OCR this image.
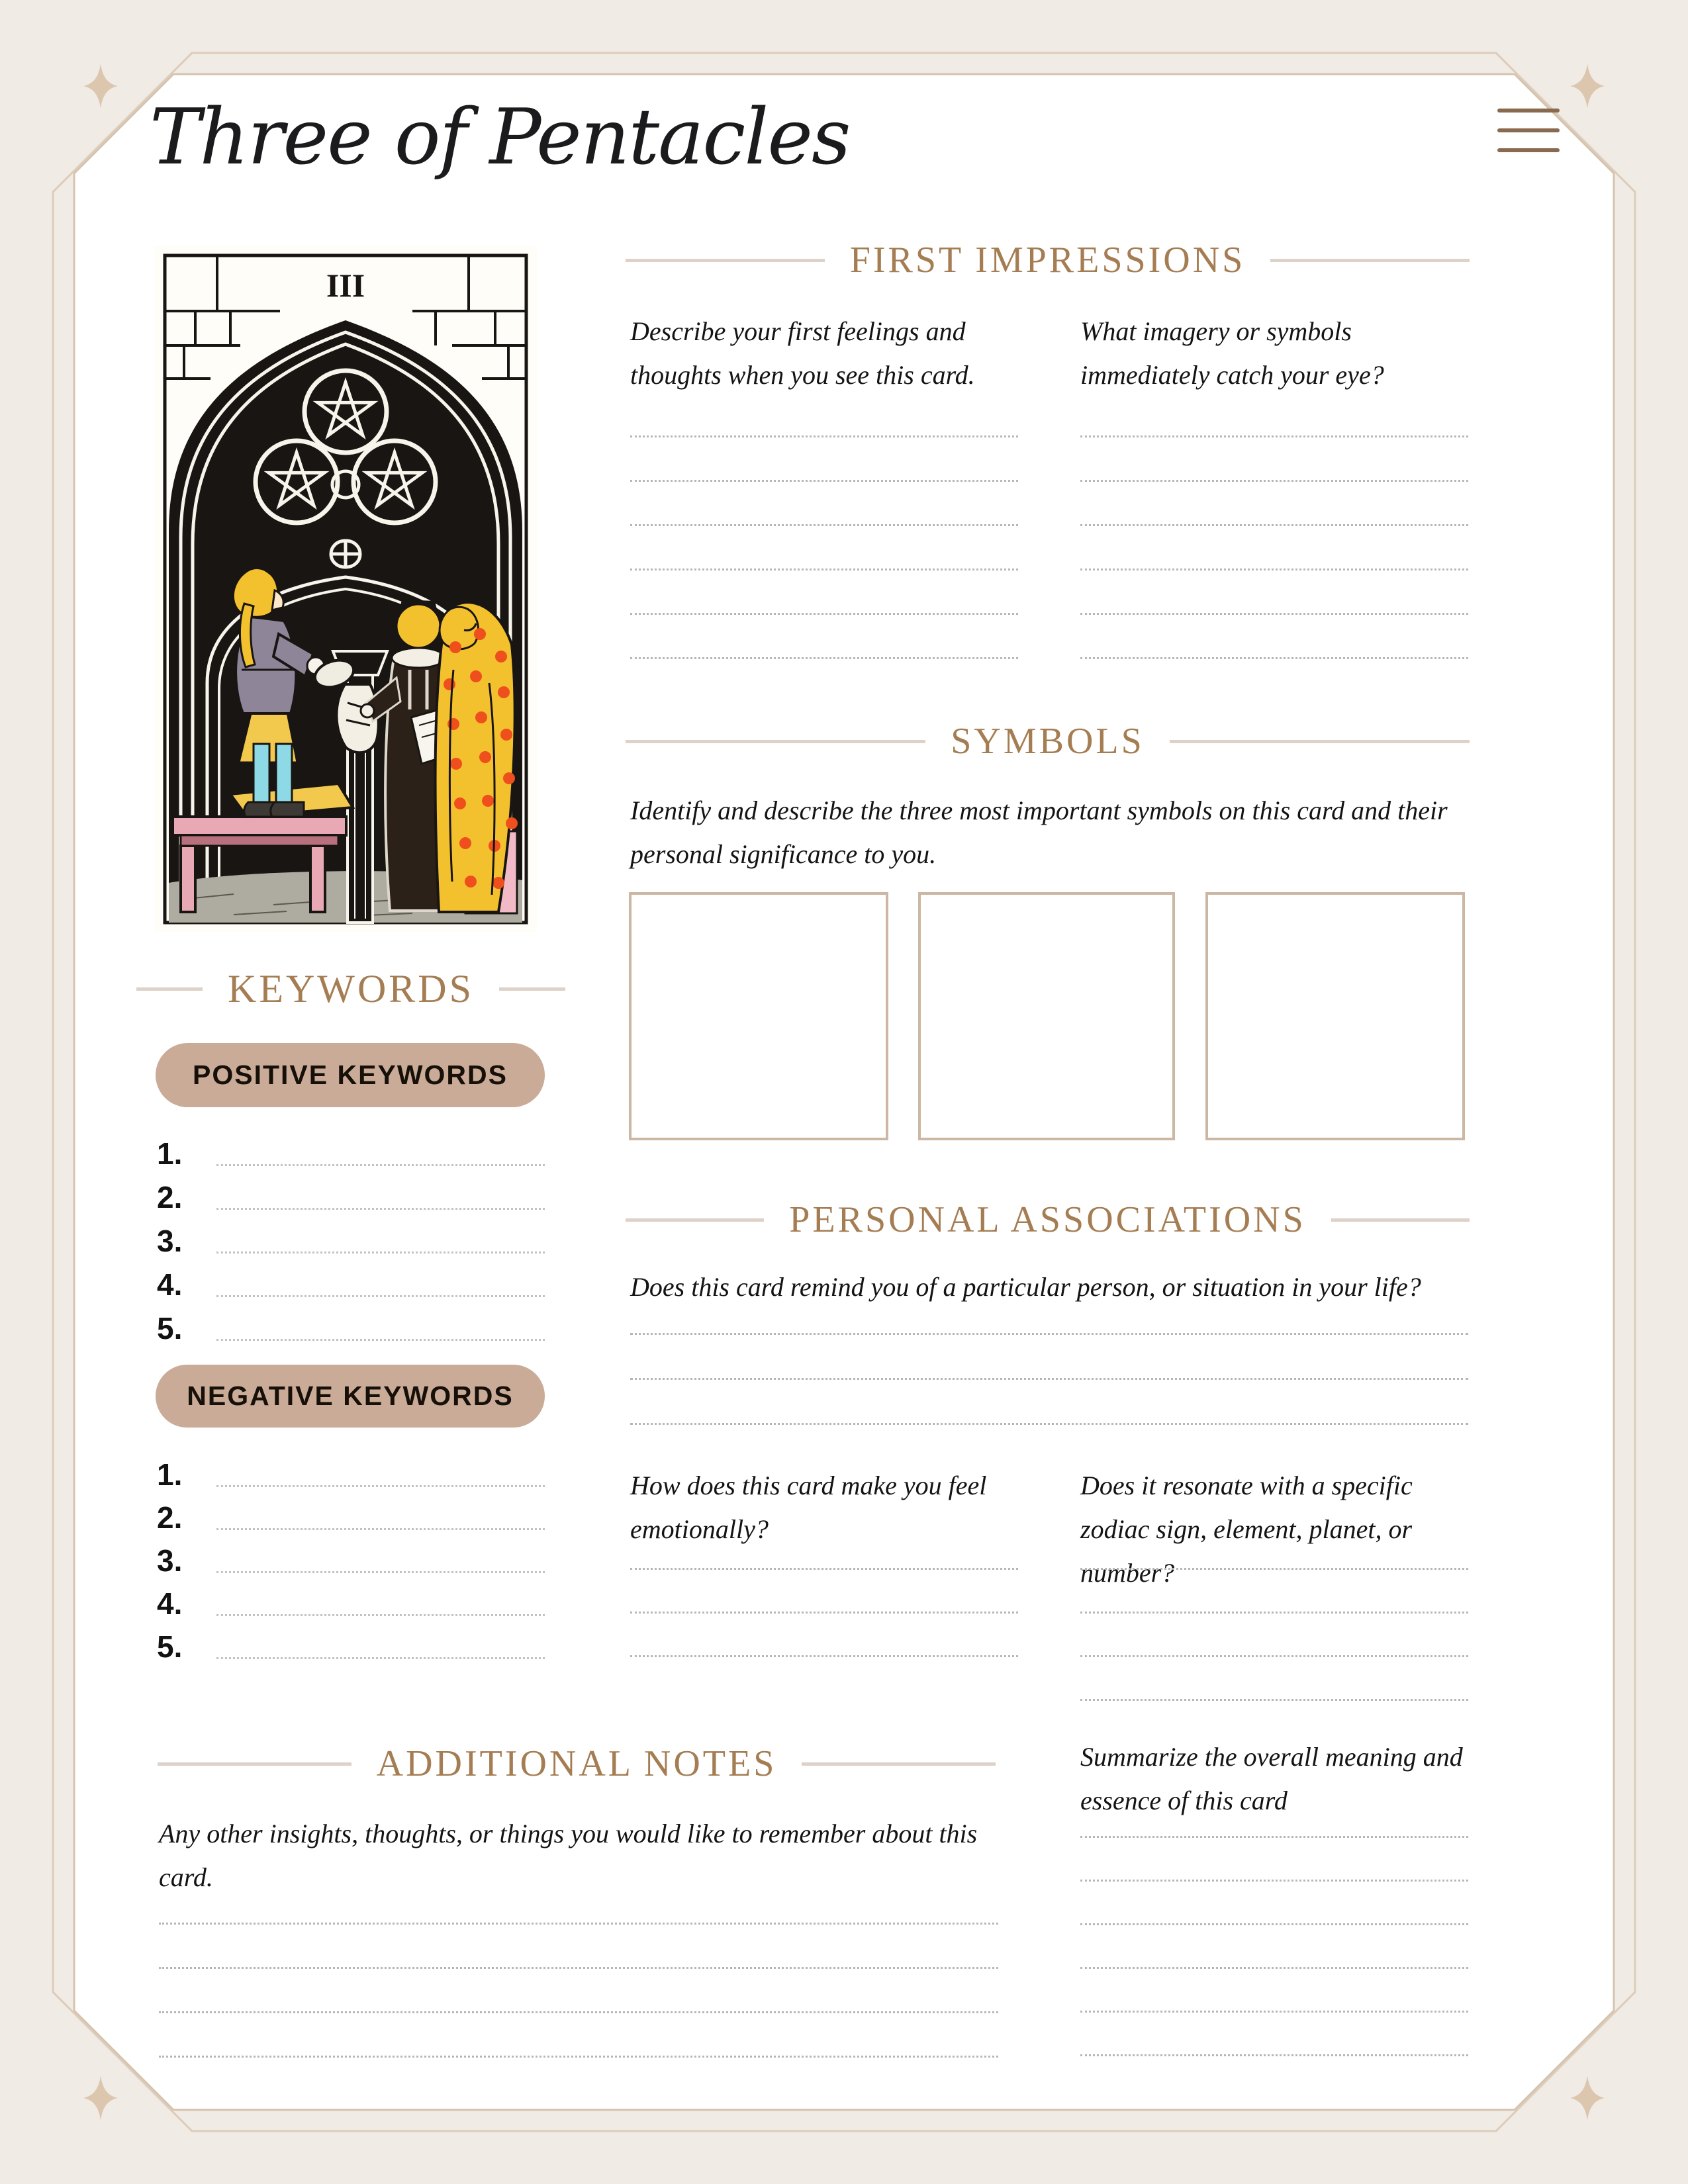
Three of Pentacles
III
FIRST IMPRESSIONS
Describe your first feelings and thoughts when you see this card.
What imagery or symbols immediately catch your eye?
SYMBOLS
Identify and describe the three most important symbols on this card and their personal significance to you.
KEYWORDS
POSITIVE KEYWORDS
1.
2.
3.
4.
5.
NEGATIVE KEYWORDS
1.
2.
3.
4.
5.
PERSONAL ASSOCIATIONS
Does this card remind you of a particular person, or situation in your life?
How does this card make you feel emotionally?
Does it resonate with a specific zodiac sign, element, planet, or number?
ADDITIONAL NOTES
Any other insights, thoughts, or things you would like to remember about this card.
Summarize the overall meaning and essence of this card
